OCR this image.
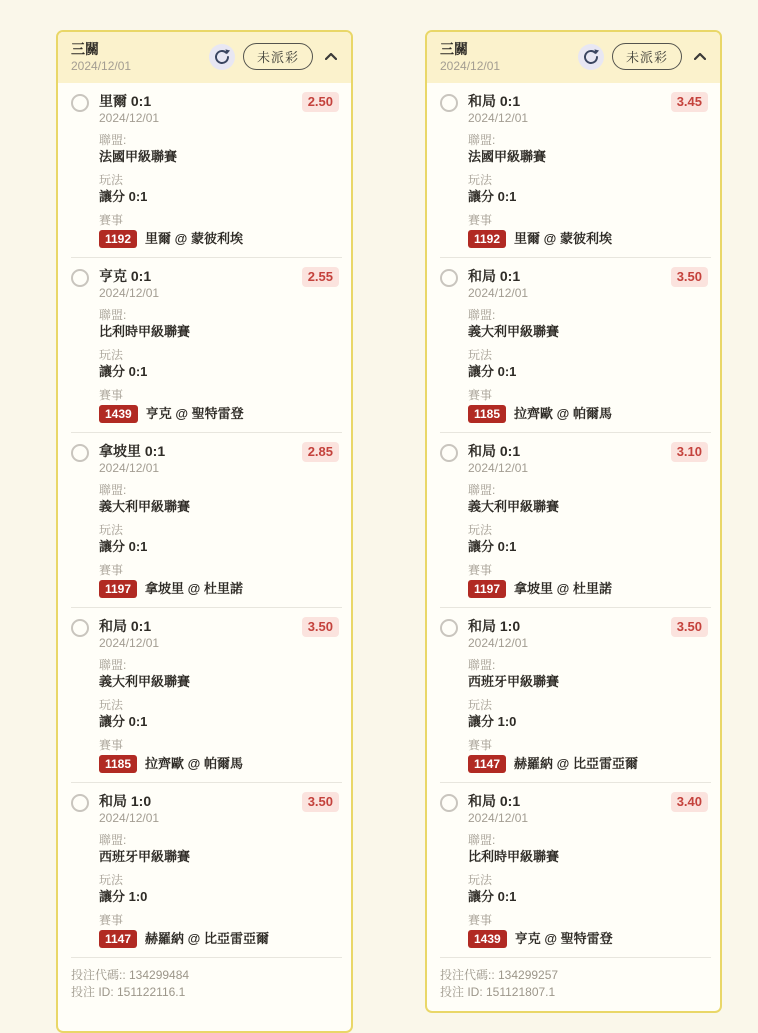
三關
2024/12/01
未派彩
里爾 0:1
2024/12/01
2.50
聯盟:
法國甲級聯賽
玩法
讓分 0:1
賽事
1192	里爾 @ 蒙彼利埃
亨克 0:1
2024/12/01
2.55
聯盟:
比利時甲級聯賽
玩法
讓分 0:1
賽事
1439	亨克 @ 聖特雷登
拿坡里 0:1
2024/12/01
2.85
聯盟:
義大利甲級聯賽
玩法
讓分 0:1
賽事
1197	拿坡里 @ 杜里諾
和局 0:1
2024/12/01
3.50
聯盟:
義大利甲級聯賽
玩法
讓分 0:1
賽事
1185	拉齊歐 @ 帕爾馬
和局 1:0
2024/12/01
3.50
聯盟:
西班牙甲級聯賽
玩法
讓分 1:0
賽事
1147	赫羅納 @ 比亞雷亞爾
投注代碼:: 134299484
投注 ID: 151122116.1
三關
2024/12/01
未派彩
和局 0:1
2024/12/01
3.45
聯盟:
法國甲級聯賽
玩法
讓分 0:1
賽事
1192	里爾 @ 蒙彼利埃
和局 0:1
2024/12/01
3.50
聯盟:
義大利甲級聯賽
玩法
讓分 0:1
賽事
1185	拉齊歐 @ 帕爾馬
和局 0:1
2024/12/01
3.10
聯盟:
義大利甲級聯賽
玩法
讓分 0:1
賽事
1197	拿坡里 @ 杜里諾
和局 1:0
2024/12/01
3.50
聯盟:
西班牙甲級聯賽
玩法
讓分 1:0
賽事
1147	赫羅納 @ 比亞雷亞爾
和局 0:1
2024/12/01
3.40
聯盟:
比利時甲級聯賽
玩法
讓分 0:1
賽事
1439	亨克 @ 聖特雷登
投注代碼:: 134299257
投注 ID: 151121807.1
